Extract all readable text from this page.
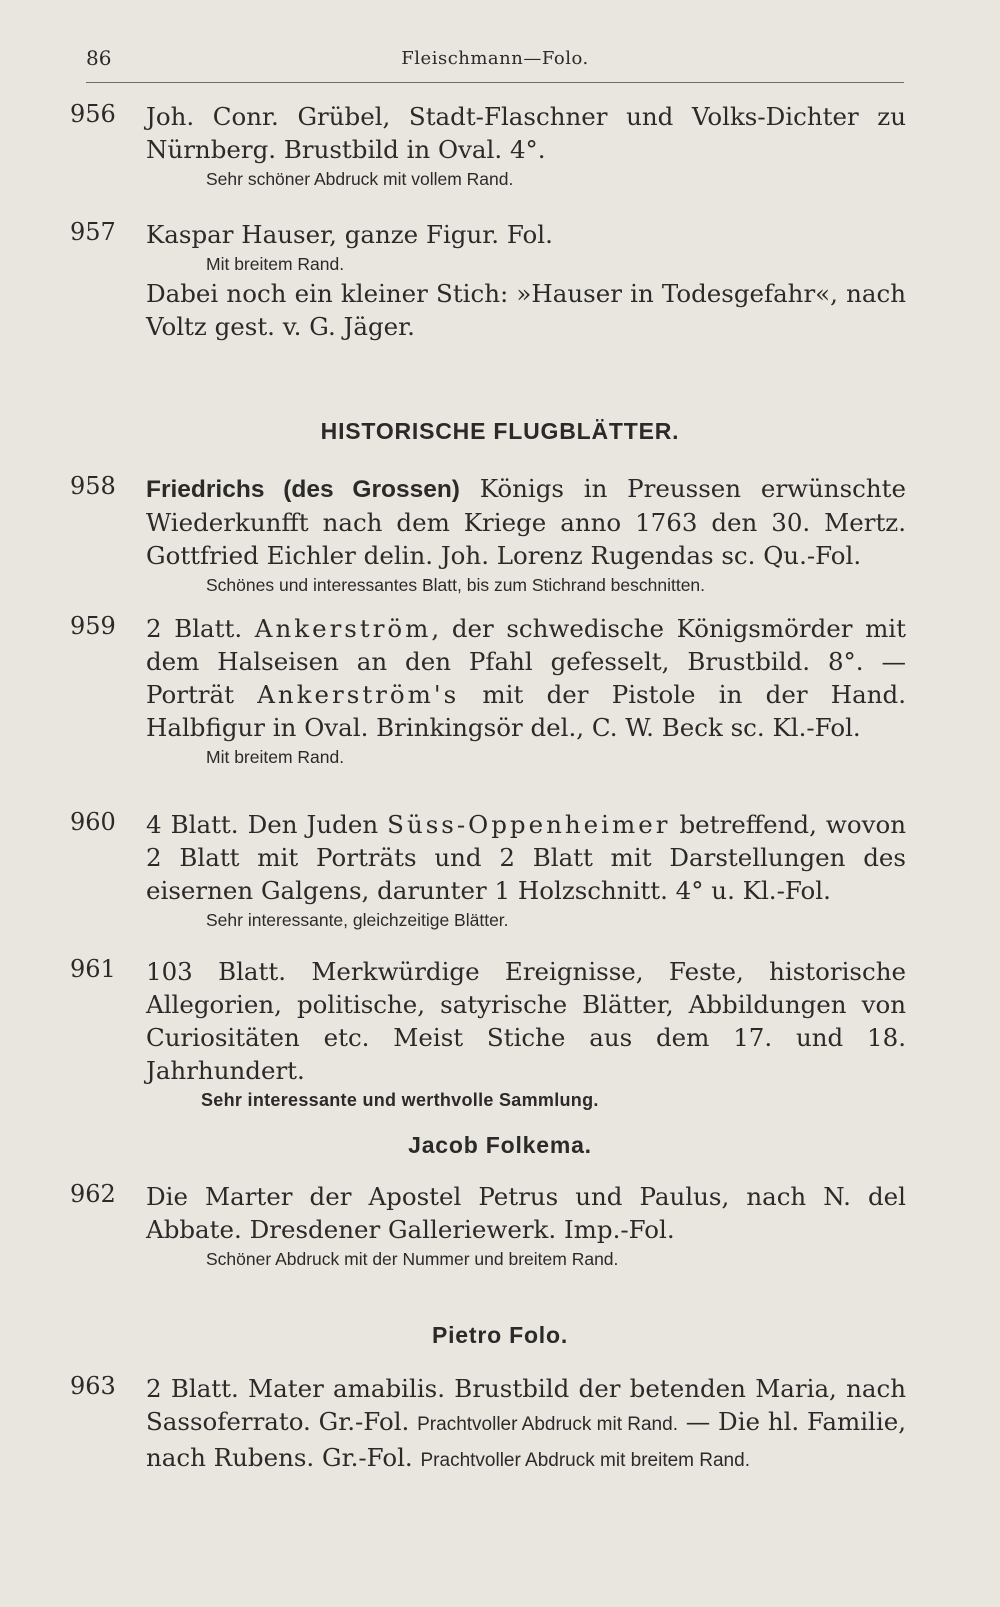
86	Fleischmann—Folo.
956 Joh. Conr. Grübel, Stadt-Flaschner und Volks-Dichter zu Nürnberg. Brustbild in Oval. 4°.
Sehr schöner Abdruck mit vollem Rand.
957 Kaspar Hauser, ganze Figur. Fol.
Mit breitem Rand.
Dabei noch ein kleiner Stich: »Hauser in Todesgefahr«, nach Voltz gest. v. G. Jäger.
HISTORISCHE FLUGBLÄTTER.
958 Friedrichs (des Grossen) Königs in Preussen erwünschte Wiederkunfft nach dem Kriege anno 1763 den 30. Mertz. Gottfried Eichler delin. Joh. Lorenz Rugendas sc. Qu.-Fol.
Schönes und interessantes Blatt, bis zum Stichrand beschnitten.
959 2 Blatt. Ankerström, der schwedische Königsmörder mit dem Halseisen an den Pfahl gefesselt, Brustbild. 8°. — Porträt Ankerström's mit der Pistole in der Hand. Halbfigur in Oval. Brinkingsör del., C. W. Beck sc. Kl.-Fol.
Mit breitem Rand.
960 4 Blatt. Den Juden Süss-Oppenheimer betreffend, wovon 2 Blatt mit Porträts und 2 Blatt mit Darstellungen des eisernen Galgens, darunter 1 Holzschnitt. 4° u. Kl.-Fol.
Sehr interessante, gleichzeitige Blätter.
961 103 Blatt. Merkwürdige Ereignisse, Feste, historische Allegorien, politische, satyrische Blätter, Abbildungen von Curiositäten etc. Meist Stiche aus dem 17. und 18. Jahrhundert.
Sehr interessante und werthvolle Sammlung.
Jacob Folkema.
962 Die Marter der Apostel Petrus und Paulus, nach N. del Abbate. Dresdener Galleriewerk. Imp.-Fol.
Schöner Abdruck mit der Nummer und breitem Rand.
Pietro Folo.
963 2 Blatt. Mater amabilis. Brustbild der betenden Maria, nach Sassoferrato. Gr.-Fol. Prachtvoller Abdruck mit Rand. — Die hl. Familie, nach Rubens. Gr.-Fol. Prachtvoller Abdruck mit breitem Rand.
